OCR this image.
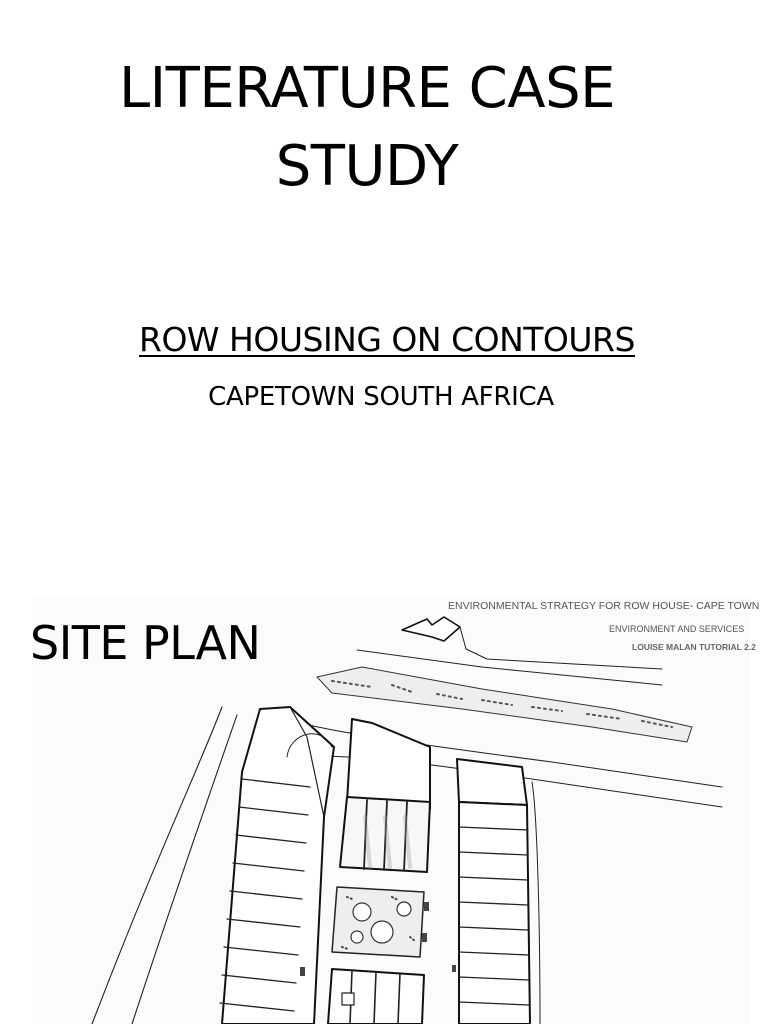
LITERATURE CASE
STUDY
ROW HOUSING ON CONTOURS
CAPETOWN SOUTH AFRICA
SITE PLAN
ENVIRONMENTAL STRATEGY FOR ROW HOUSE- CAPE TOWN
ENVIRONMENT AND SERVICES
LOUISE MALAN TUTORIAL 2.2
